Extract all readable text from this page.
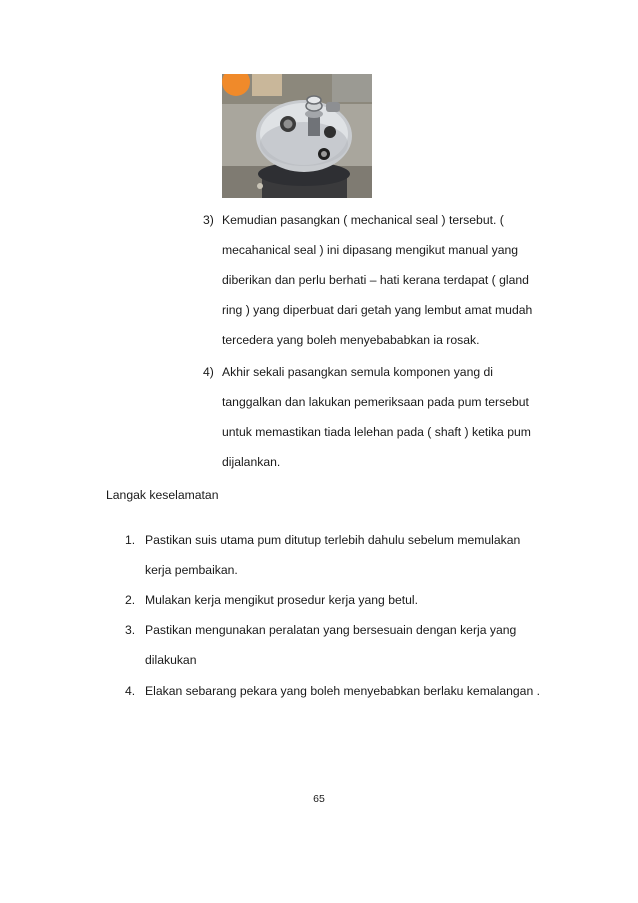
3) Kemudian pasangkan ( mechanical seal ) tersebut. (
mecahanical seal ) ini dipasang mengikut manual yang
diberikan dan perlu berhati – hati kerana terdapat ( gland
ring ) yang diperbuat dari getah yang lembut amat mudah
tercedera yang boleh menyebababkan ia rosak.
4) Akhir sekali pasangkan semula komponen yang di
tanggalkan dan lakukan pemeriksaan pada pum tersebut
untuk memastikan tiada lelehan pada ( shaft ) ketika pum
dijalankan.
Langak keselamatan
1. Pastikan suis utama pum ditutup terlebih dahulu sebelum memulakan
kerja pembaikan.
2. Mulakan kerja mengikut prosedur kerja yang betul.
3. Pastikan mengunakan peralatan yang bersesuain dengan kerja yang
dilakukan
4. Elakan sebarang pekara yang boleh menyebabkan berlaku kemalangan .
65
